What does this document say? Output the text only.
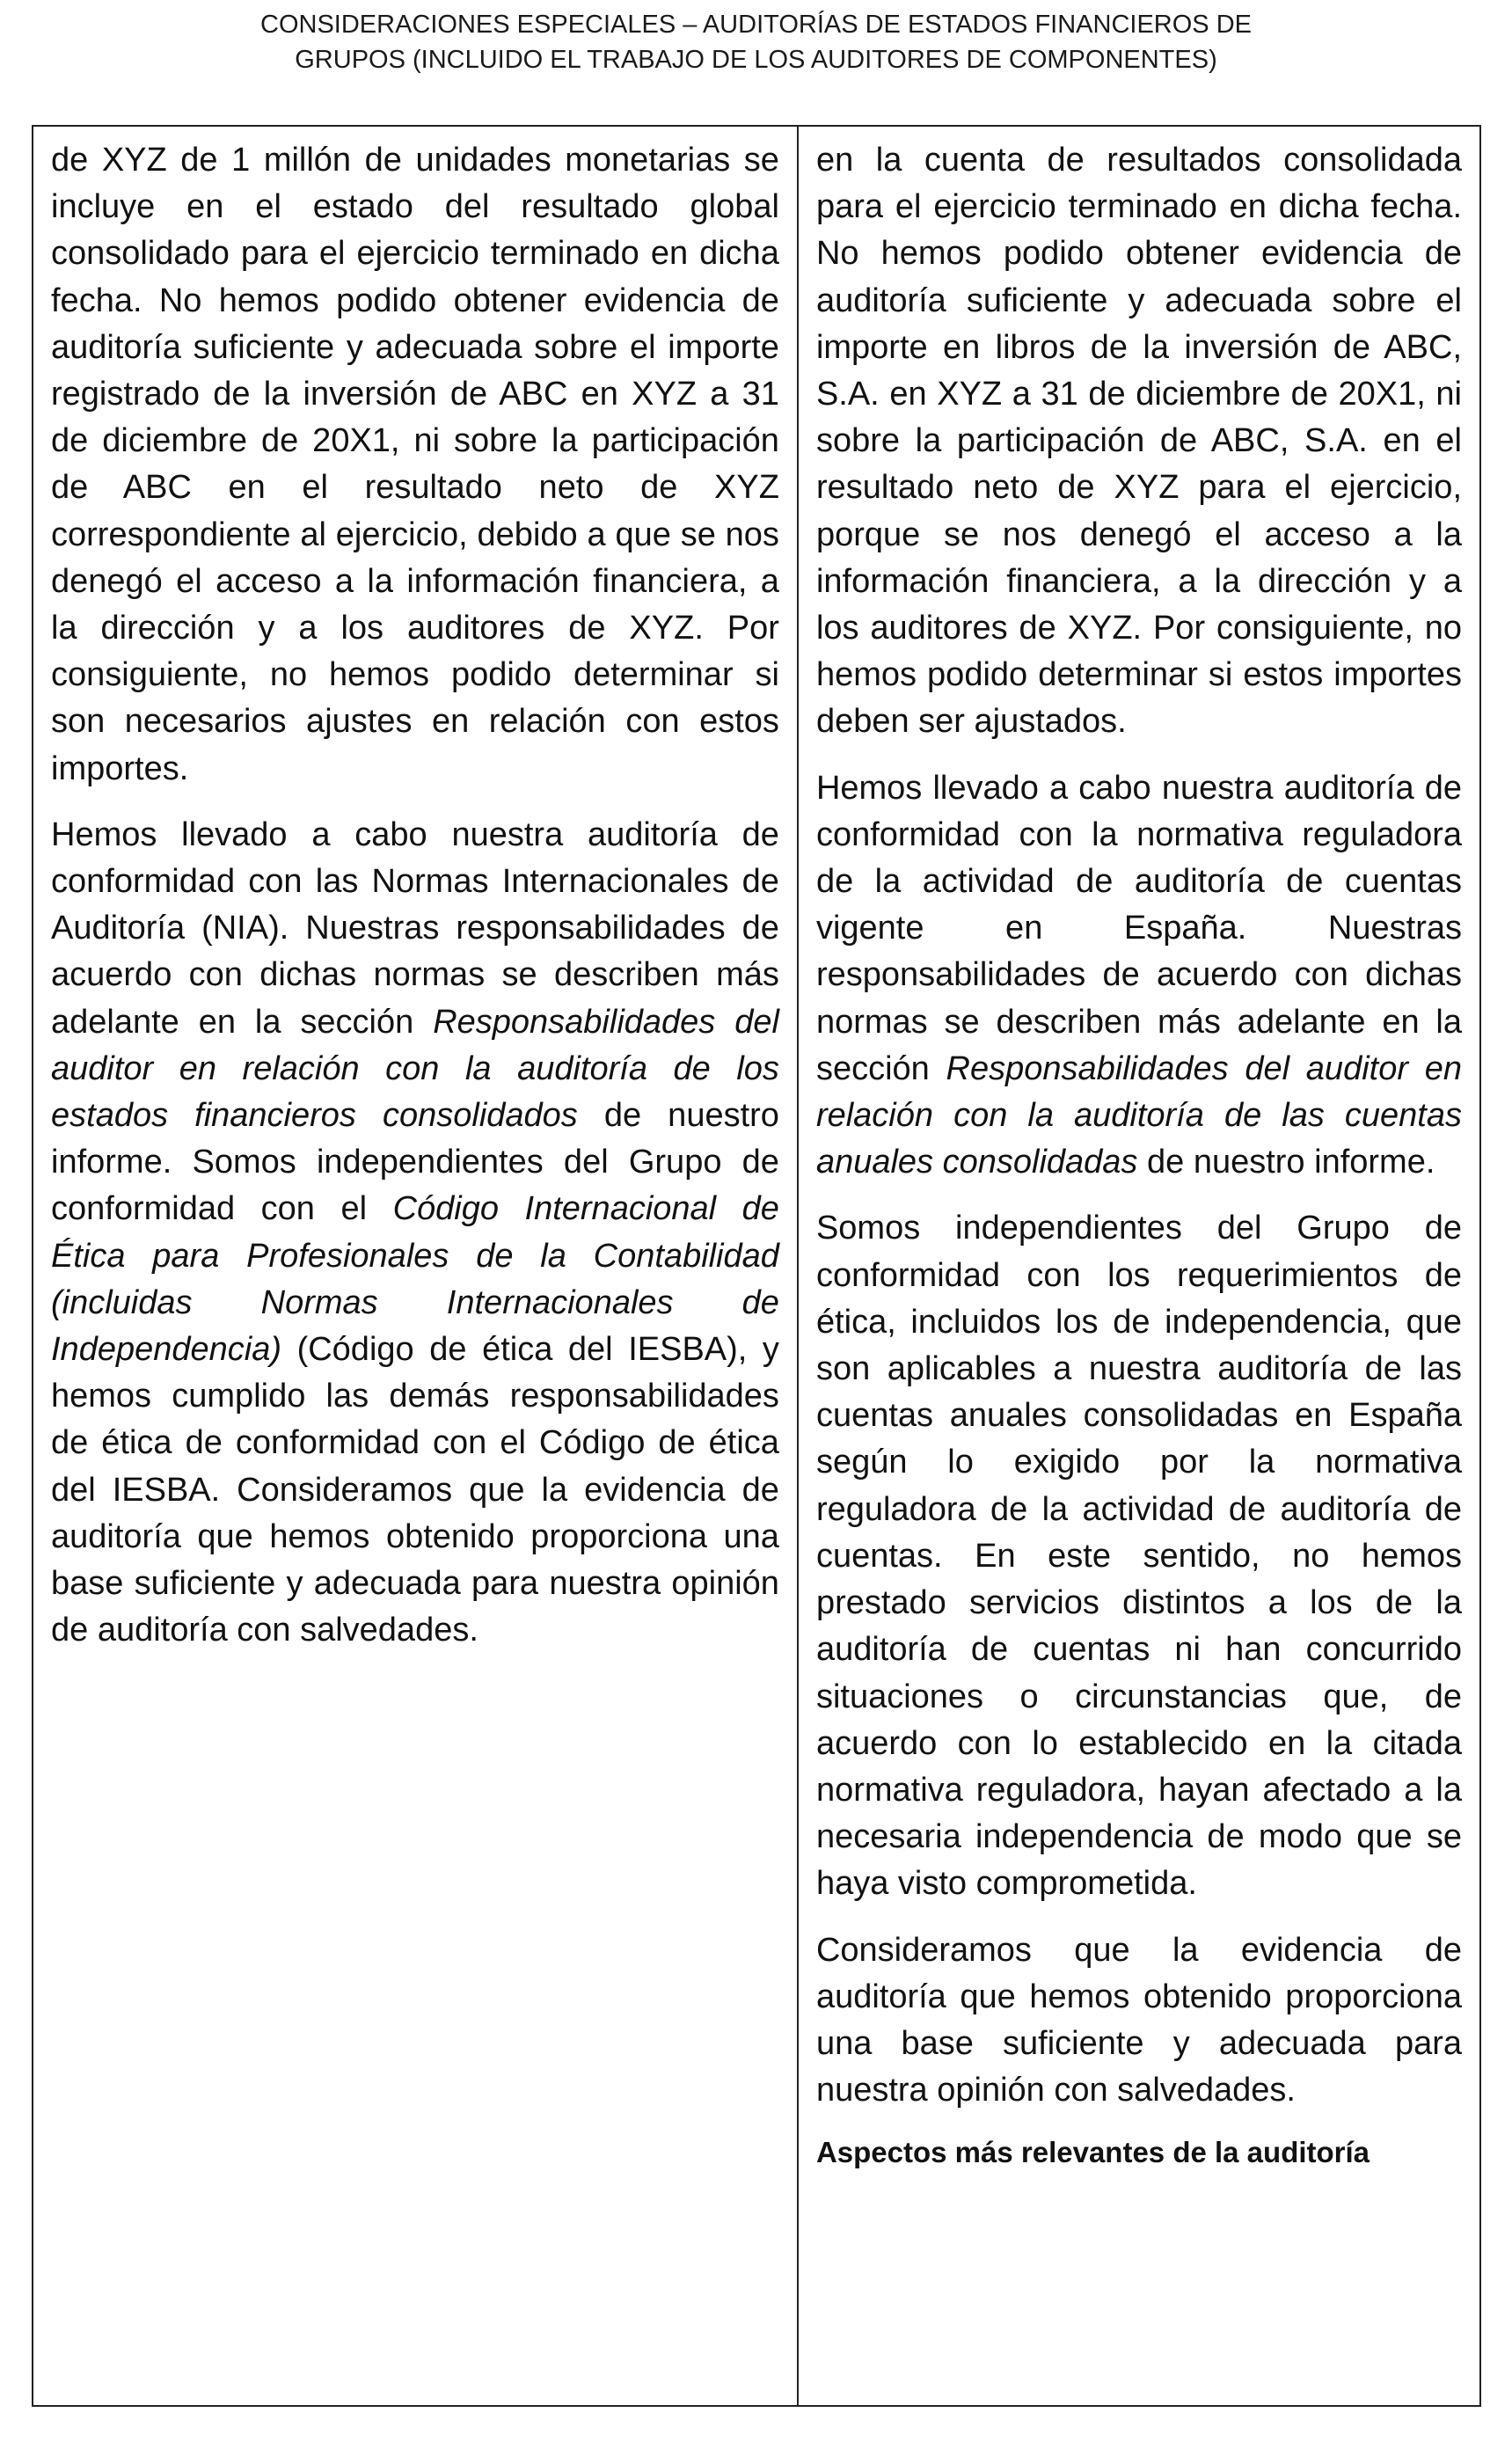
CONSIDERACIONES ESPECIALES – AUDITORÍAS DE ESTADOS FINANCIEROS DE
GRUPOS (INCLUIDO EL TRABAJO DE LOS AUDITORES DE COMPONENTES)

de XYZ de 1 millón de unidades monetarias se incluye en el estado del resultado global consolidado para el ejercicio terminado en dicha fecha. No hemos podido obtener evidencia de auditoría suficiente y adecuada sobre el importe registrado de la inversión de ABC en XYZ a 31 de diciembre de 20X1, ni sobre la participación de ABC en el resultado neto de XYZ correspondiente al ejercicio, debido a que se nos denegó el acceso a la información financiera, a la dirección y a los auditores de XYZ. Por consiguiente, no hemos podido determinar si son necesarios ajustes en relación con estos importes.

Hemos llevado a cabo nuestra auditoría de conformidad con las Normas Internacionales de Auditoría (NIA). Nuestras responsabilidades de acuerdo con dichas normas se describen más adelante en la sección Responsabilidades del auditor en relación con la auditoría de los estados financieros consolidados de nuestro informe. Somos independientes del Grupo de conformidad con el Código Internacional de Ética para Profesionales de la Contabilidad (incluidas Normas Internacionales de Independencia) (Código de ética del IESBA), y hemos cumplido las demás responsabilidades de ética de conformidad con el Código de ética del IESBA. Consideramos que la evidencia de auditoría que hemos obtenido proporciona una base suficiente y adecuada para nuestra opinión de auditoría con salvedades.

en la cuenta de resultados consolidada para el ejercicio terminado en dicha fecha. No hemos podido obtener evidencia de auditoría suficiente y adecuada sobre el importe en libros de la inversión de ABC, S.A. en XYZ a 31 de diciembre de 20X1, ni sobre la participación de ABC, S.A. en el resultado neto de XYZ para el ejercicio, porque se nos denegó el acceso a la información financiera, a la dirección y a los auditores de XYZ. Por consiguiente, no hemos podido determinar si estos importes deben ser ajustados.

Hemos llevado a cabo nuestra auditoría de conformidad con la normativa reguladora de la actividad de auditoría de cuentas vigente en España. Nuestras responsabilidades de acuerdo con dichas normas se describen más adelante en la sección Responsabilidades del auditor en relación con la auditoría de las cuentas anuales consolidadas de nuestro informe.

Somos independientes del Grupo de conformidad con los requerimientos de ética, incluidos los de independencia, que son aplicables a nuestra auditoría de las cuentas anuales consolidadas en España según lo exigido por la normativa reguladora de la actividad de auditoría de cuentas. En este sentido, no hemos prestado servicios distintos a los de la auditoría de cuentas ni han concurrido situaciones o circunstancias que, de acuerdo con lo establecido en la citada normativa reguladora, hayan afectado a la necesaria independencia de modo que se haya visto comprometida.

Consideramos que la evidencia de auditoría que hemos obtenido proporciona una base suficiente y adecuada para nuestra opinión con salvedades.

Aspectos más relevantes de la auditoría
